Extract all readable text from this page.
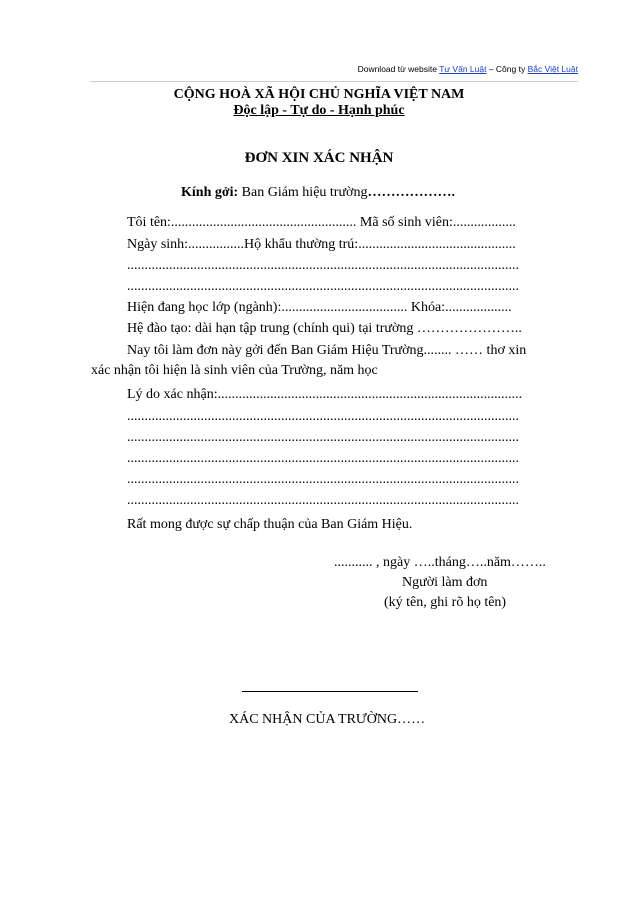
Download từ website Tư Vấn Luật – Công ty Bắc Việt Luật
CỘNG HOÀ XÃ HỘI CHỦ NGHĨA VIỆT NAM
Độc lập - Tự do - Hạnh phúc
ĐƠN XIN XÁC NHẬN
Kính gởi: Ban Giám hiệu trường……………….
Tôi tên:..................................................... Mã số sinh viên:..................
Ngày sinh:................Hộ khẩu thường trú:.............................................
................................................................................................................
................................................................................................................
Hiện đang học lớp (ngành):.................................... Khóa:...................
Hệ đào tạo: dài hạn tập trung (chính qui) tại trường …………………..
Nay tôi làm đơn này gởi đến Ban Giám Hiệu Trường........ …… thơ xin
xác nhận tôi hiện là sinh viên của Trường, năm học
Lý do xác nhận:.......................................................................................
................................................................................................................
................................................................................................................
................................................................................................................
................................................................................................................
................................................................................................................
Rất mong được sự chấp thuận của Ban Giám Hiệu.
........... , ngày …..tháng…..năm……..
Người làm đơn
(ký tên, ghi rõ họ tên)
XÁC NHẬN CỦA TRƯỜNG……
